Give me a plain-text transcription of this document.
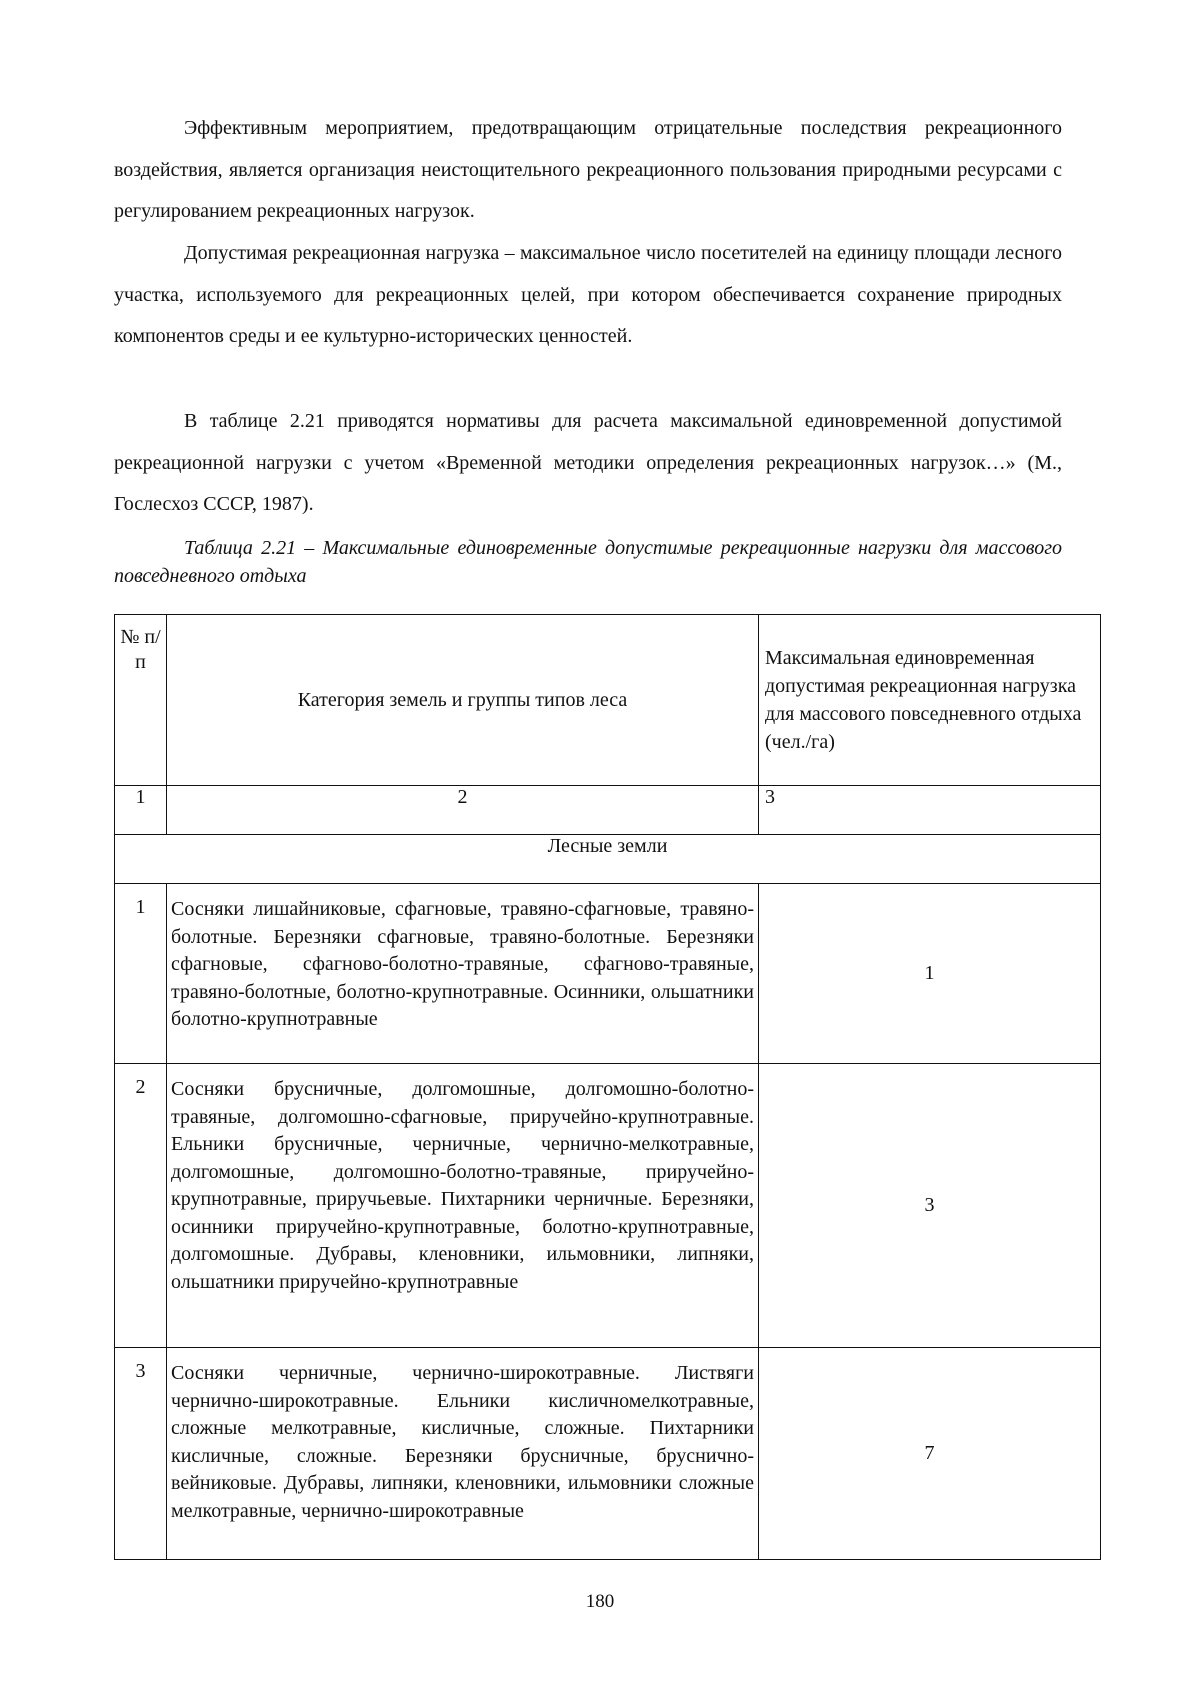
Эффективным мероприятием, предотвращающим отрицательные последствия рекреационного воздействия, является организация неистощительного рекреационного пользования природными ресурсами с регулированием рекреационных нагрузок.

Допустимая рекреационная нагрузка – максимальное число посетителей на единицу площади лесного участка, используемого для рекреационных целей, при котором обеспечивается сохранение природных компонентов среды и ее культурно-исторических ценностей.

В таблице 2.21 приводятся нормативы для расчета максимальной единовременной допустимой рекреационной нагрузки с учетом «Временной методики определения рекреационных нагрузок…» (М., Гослесхоз СССР, 1987).

Таблица 2.21 – Максимальные единовременные допустимые рекреационные нагрузки для массового повседневного отдыха

№ п/п	Категория земель и группы типов леса	Максимальная единовременная допустимая рекреационная нагрузка для массового повседневного отдыха (чел./га)
1	2	3
Лесные земли		
1	Сосняки лишайниковые, сфагновые, травяно-сфагновые, травяно-болотные. Березняки сфагновые, травяно-болотные. Березняки сфагновые, сфагново-болотно-травяные, сфагново-травяные, травяно-болотные, болотно-крупнотравные. Осинники, ольшатники болотно-крупнотравные	1
2	Сосняки брусничные, долгомошные, долгомошно-болотно-травяные, долгомошно-сфагновые, приручейно-крупнотравные. Ельники брусничные, черничные, чернично-мелкотравные, долгомошные, долгомошно-болотно-травяные, приручейно-крупнотравные, приручьевые. Пихтарники черничные. Березняки, осинники приручейно-крупнотравные, болотно-крупнотравные, долгомошные. Дубравы, кленовники, ильмовники, липняки, ольшатники приручейно-крупнотравные	3
3	Сосняки черничные, чернично-широкотравные. Листвяги чернично-широкотравные. Ельники кисличномелкотравные, сложные мелкотравные, кисличные, сложные. Пихтарники кисличные, сложные. Березняки брусничные, бруснично-вейниковые. Дубравы, липняки, кленовники, ильмовники сложные мелкотравные, чернично-широкотравные	7
180
